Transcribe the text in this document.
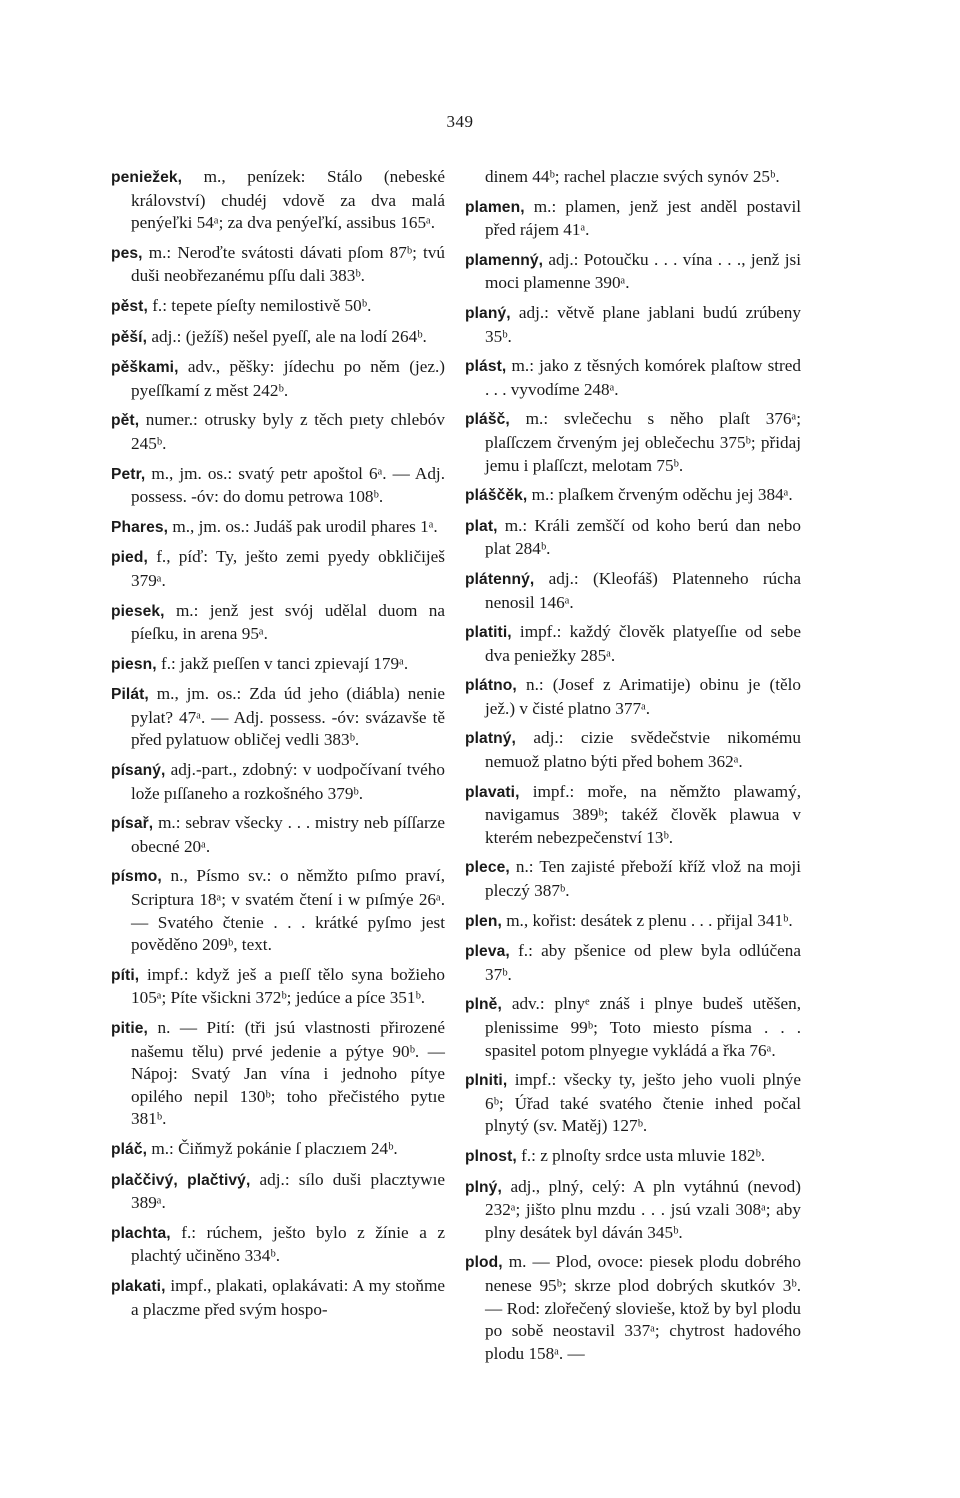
349
peniežek, m., penízek: Stálo (nebeské království) chudéj vdově za dva malá penýeľki 54ᵃ; za dva penýeľkí, assibus 165ᵃ.
pes, m.: Neroďte svátosti dávati pſom 87ᵇ; tvú duši neobřezanému pſſu dali 383ᵇ.
pěst, f.: tepete píeſty nemilostivě 50ᵇ.
pěší, adj.: (ježíš) nešel pyeſſ, ale na lodí 264ᵇ.
pěškami, adv., pěšky: jídechu po něm (jez.) pyeſſkamí z měst 242ᵇ.
pět, numer.: otrusky byly z těch pıety chlebóv 245ᵇ.
Petr, m., jm. os.: svatý petr apoštol 6ᵃ. — Adj. possess. -óv: do domu petrowa 108ᵇ.
Phares, m., jm. os.: Judáš pak urodil phares 1ᵃ.
pied, f., píď: Ty, ješto zemi pyedy obkličiješ 379ᵃ.
piesek, m.: jenž jest svój udělal duom na píeſku, in arena 95ᵃ.
piesn, f.: jakž pıeſſen v tanci zpievají 179ᵃ.
Pilát, m., jm. os.: Zda úd jeho (diábla) nenie pylat? 47ᵃ. — Adj. possess. -óv: svázavše tě před pylatuow obličej vedli 383ᵇ.
písaný, adj.-part., zdobný: v uodpočívaní tvého lože pıſſaneho a rozkošného 379ᵇ.
písař, m.: sebrav všecky . . . mistry neb píſſarze obecné 20ᵃ.
písmo, n., Písmo sv.: o němžto pıſmo praví, Scriptura 18ᵃ; v svatém čtení i w pıſmýe 26ᵃ. — Svatého čtenie . . . krátké pyſmo jest pověděno 209ᵇ, text.
píti, impf.: když ješ a pıeſſ tělo syna božieho 105ᵃ; Píte všickni 372ᵇ; jedúce a píce 351ᵇ.
pitie, n. — Pití: (tři jsú vlastnosti přirozené našemu tělu) prvé jedenie a pýtye 90ᵇ. — Nápoj: Svatý Jan vína i jednoho pítye opilého nepil 130ᵇ; toho přečistého pytıe 381ᵇ.
pláč, m.: Čiňmyž pokánie ſ placzıem 24ᵇ.
plaččivý, plačtivý, adj.: sílo duši placztywıe 389ᵃ.
plachta, f.: rúchem, ješto bylo z žínie a z plachtý učiněno 334ᵇ.
plakati, impf., plakati, oplakávati: A my stoňme a placzme před svým hospo-
dinem 44ᵇ; rachel placzıe svých synóv 25ᵇ.
plamen, m.: plamen, jenž jest anděl postavil před rájem 41ᵃ.
plamenný, adj.: Potoučku . . . vína . . ., jenž jsi moci plamenne 390ᵃ.
planý, adj.: větvě plane jablani budú zrúbeny 35ᵇ.
plást, m.: jako z těsných komórek plaſtow stred . . . vyvodíme 248ᵃ.
plášč, m.: svlečechu s něho plaſt 376ᵃ; plaſſczem črveným jej oblečechu 375ᵇ; přidaj jemu i plaſſczt, melotam 75ᵇ.
pláščěk, m.: plaſkem črveným oděchu jej 384ᵃ.
plat, m.: Králi zemščí od koho berú dan nebo plat 284ᵇ.
plátenný, adj.: (Kleofáš) Platenneho rúcha nenosil 146ᵃ.
platiti, impf.: každý člověk platyeſſıe od sebe dva peniežky 285ᵃ.
plátno, n.: (Josef z Arimatije) obinu je (tělo jež.) v čisté platno 377ᵃ.
platný, adj.: cizie svědečstvie nikomému nemuož platno býti před bohem 362ᵃ.
plavati, impf.: moře, na němžto plawamý, navigamus 389ᵇ; takéž člověk plawua v kterém nebezpečenství 13ᵇ.
plece, n.: Ten zajisté přeboží kříž vlož na moji pleczý 387ᵇ.
plen, m., kořist: desátek z plenu . . . přijal 341ᵇ.
pleva, f.: aby pšenice od plew byla odlúčena 37ᵇ.
plně, adv.: plnyᵉ znáš i plnye budeš utěšen, plenissime 99ᵇ; Toto miesto písma . . . spasitel potom plnyegıe vykládá a řka 76ᵃ.
plniti, impf.: všecky ty, ješto jeho vuoli plnýe 6ᵇ; Úřad také svatého čtenie inhed počal plnytý (sv. Matěj) 127ᵇ.
plnost, f.: z plnoſty srdce usta mluvie 182ᵇ.
plný, adj., plný, celý: A pln vytáhnú (nevod) 232ᵃ; jišto plnu mzdu . . . jsú vzali 308ᵃ; aby plny desátek byl dáván 345ᵇ.
plod, m. — Plod, ovoce: piesek plodu dobrého nenese 95ᵇ; skrze plod dobrých skutkóv 3ᵇ. — Rod: zlořečený slovieše, ktož by byl plodu po sobě neostavil 337ᵃ; chytrost hadového plodu 158ᵃ. —
